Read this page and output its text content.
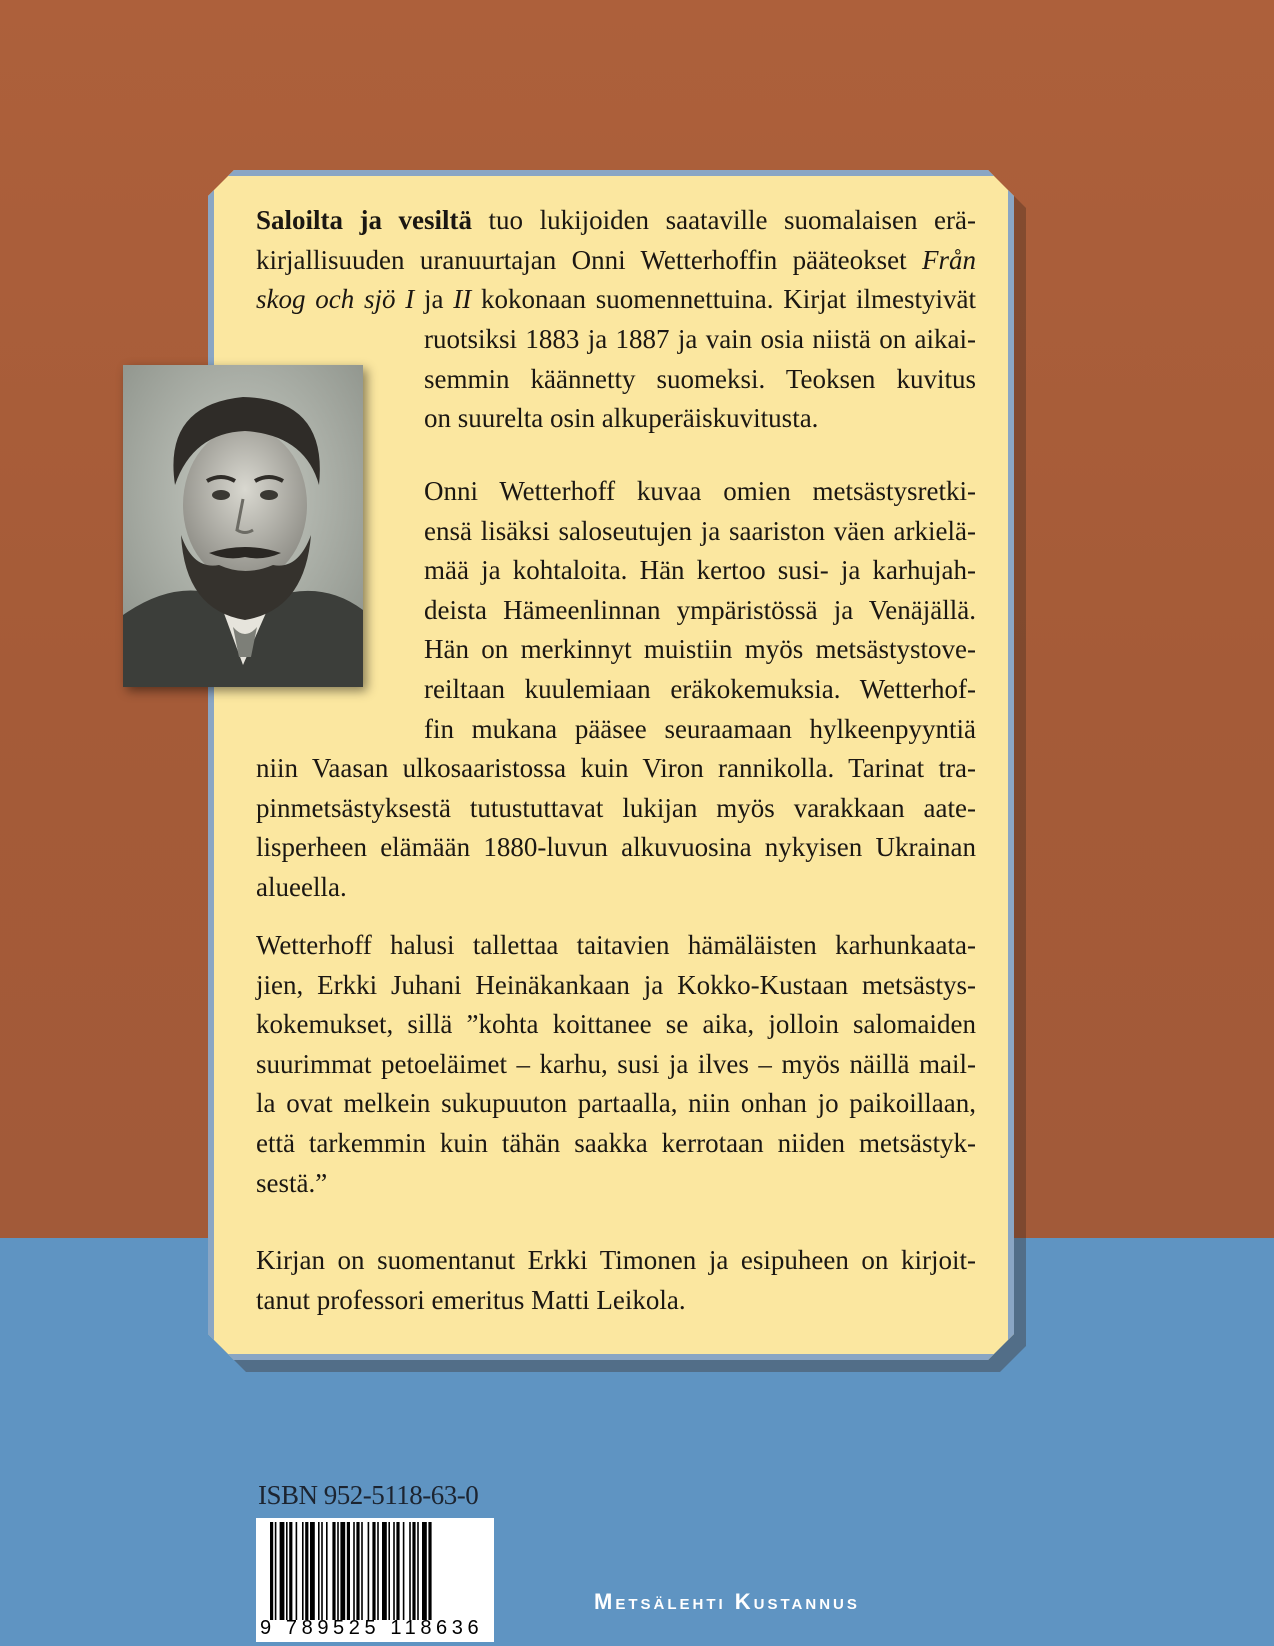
Saloilta ja vesiltä tuo lukijoiden saataville suomalaisen erä-
kirjallisuuden uranuurtajan Onni Wetterhoffin pääteokset Från
skog och sjö I ja II kokonaan suomennettuina. Kirjat ilmestyivät
ruotsiksi 1883 ja 1887 ja vain osia niistä on aikai-
semmin käännetty suomeksi. Teoksen kuvitus
on suurelta osin alkuperäiskuvitusta.
Onni Wetterhoff kuvaa omien metsästysretki-
ensä lisäksi saloseutujen ja saariston väen arkielä-
mää ja kohtaloita. Hän kertoo susi- ja karhujah-
deista Hämeenlinnan ympäristössä ja Venäjällä.
Hän on merkinnyt muistiin myös metsästystove-
reiltaan kuulemiaan eräkokemuksia. Wetterhof-
fin mukana pääsee seuraamaan hylkeenpyyntiä
niin Vaasan ulkosaaristossa kuin Viron rannikolla. Tarinat tra-
pinmetsästyksestä tutustuttavat lukijan myös varakkaan aate-
lisperheen elämään 1880-luvun alkuvuosina nykyisen Ukrainan
alueella.
Wetterhoff halusi tallettaa taitavien hämäläisten karhunkaata-
jien, Erkki Juhani Heinäkankaan ja Kokko-Kustaan metsästys-
kokemukset, sillä ”kohta koittanee se aika, jolloin salomaiden
suurimmat petoeläimet – karhu, susi ja ilves – myös näillä mail-
la ovat melkein sukupuuton partaalla, niin onhan jo paikoillaan,
että tarkemmin kuin tähän saakka kerrotaan niiden metsästyk-
sestä.”
Kirjan on suomentanut Erkki Timonen ja esipuheen on kirjoit-
tanut professori emeritus Matti Leikola.
ISBN 952-5118-63-0
9 789525 118636
Metsälehti Kustannus
